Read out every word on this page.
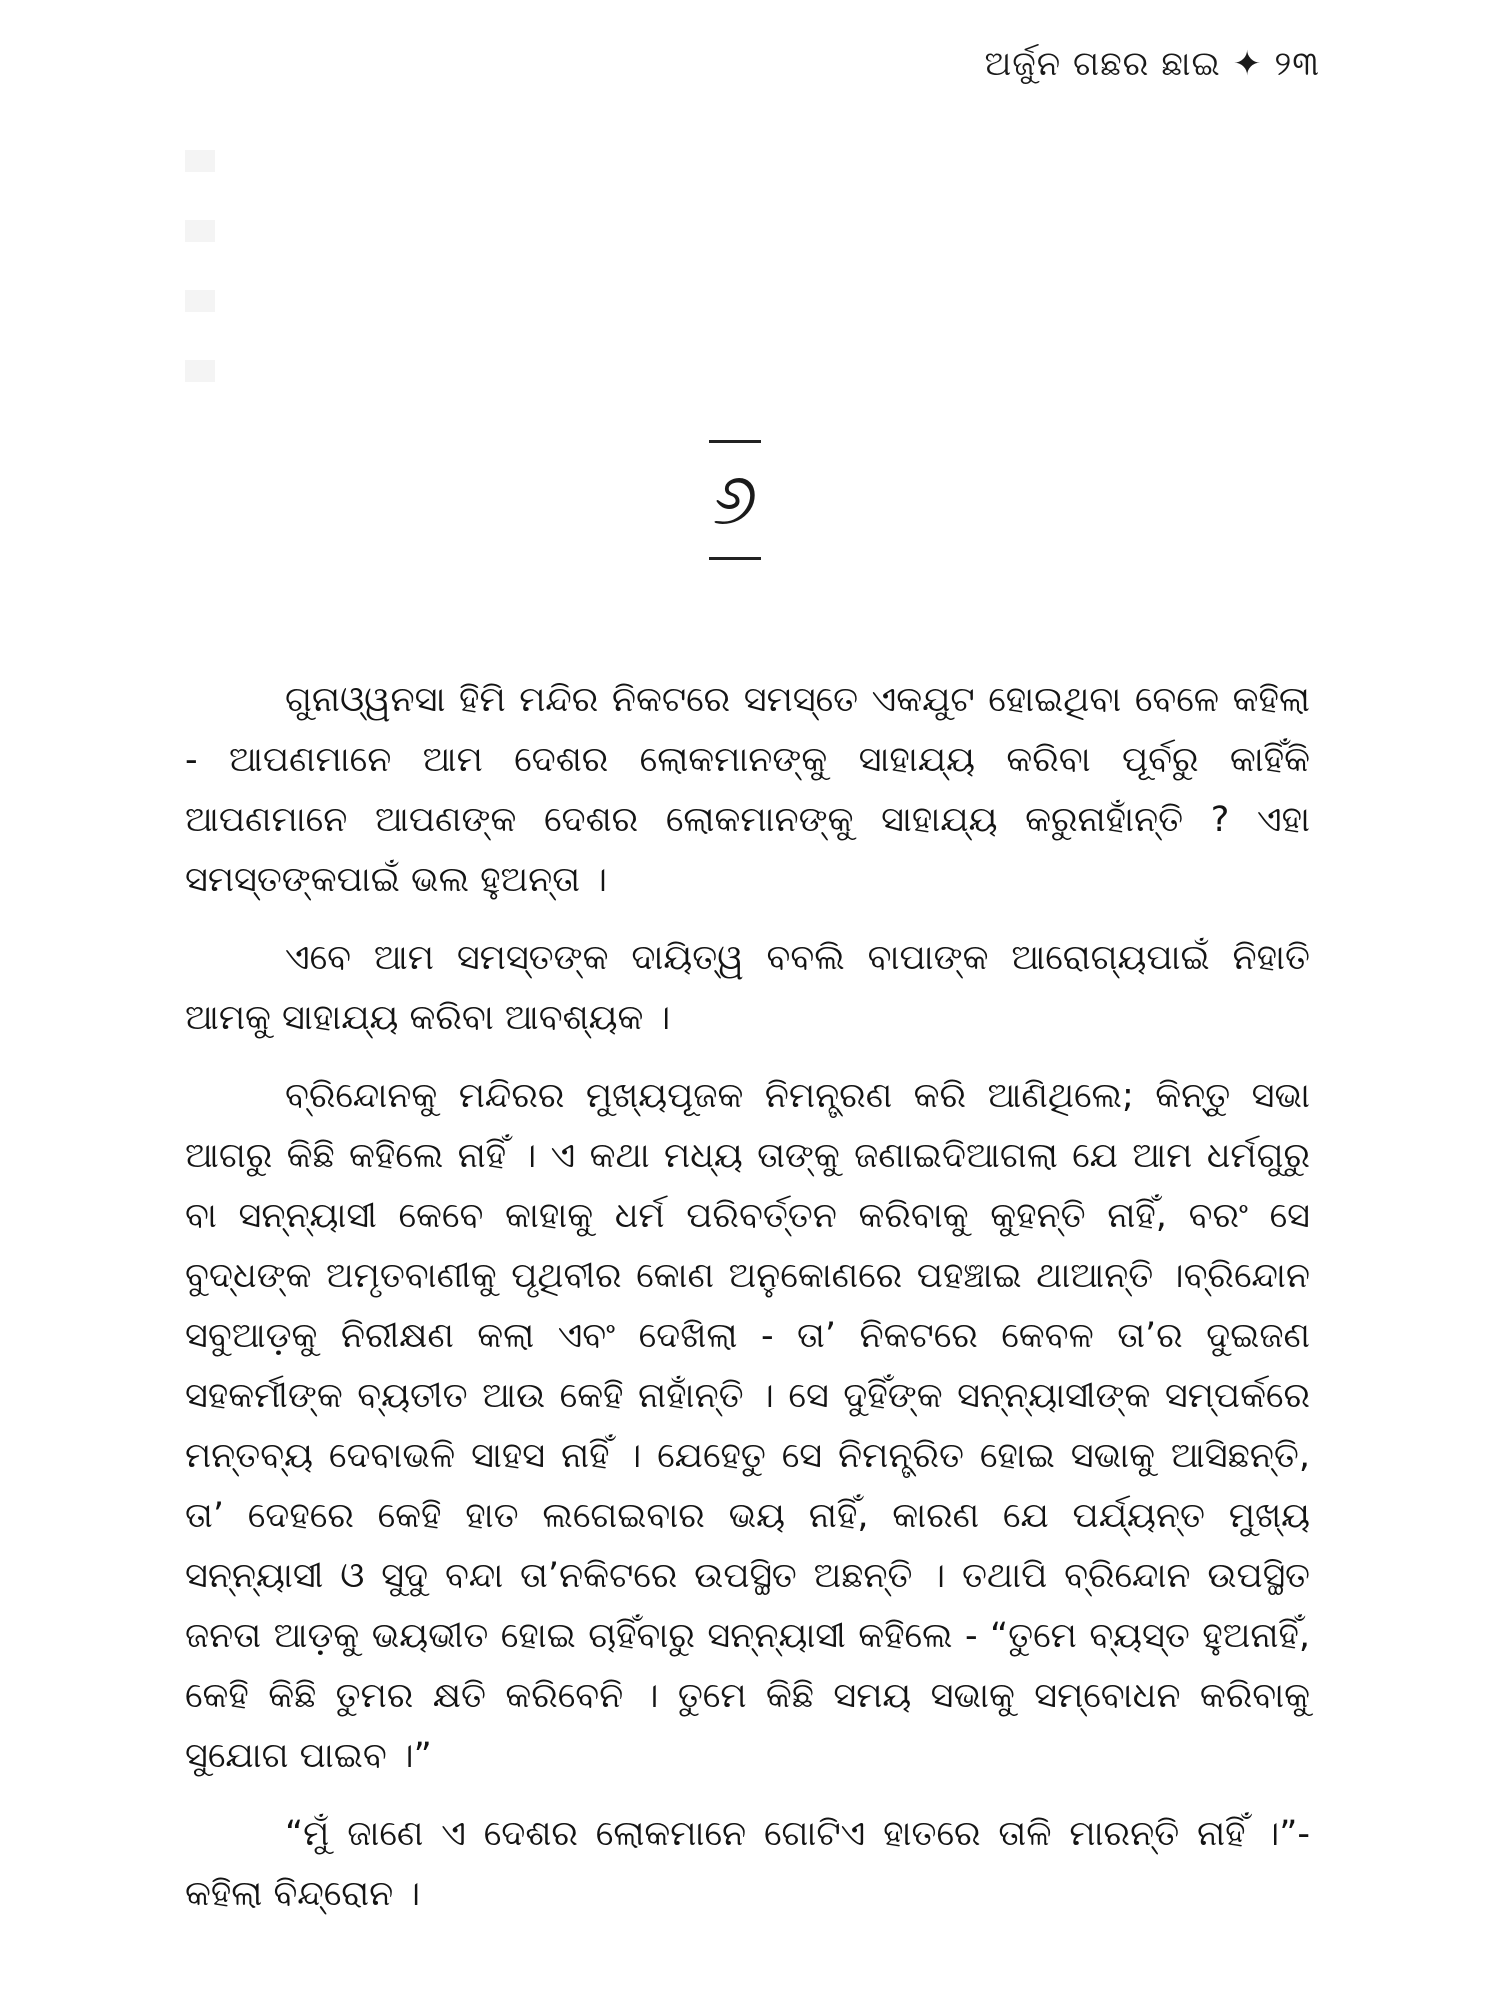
ଅର୍ଜୁନ ଗଛର ଛାଇ ✦ ୨୩
୬

ଗୁନାଓ୍ୱନସା ହିମି ମନ୍ଦିର ନିକଟରେ ସମସ୍ତେ ଏକଯୁଟ ହୋଇଥିବା ବେଳେ କହିଲା - ଆପଣମାନେ ଆମ ଦେଶର ଲୋକମାନଙ୍କୁ ସାହାଯ୍ୟ କରିବା ପୂର୍ବରୁ କାହିଁକି ଆପଣମାନେ ଆପଣଙ୍କ ଦେଶର ଲୋକମାନଙ୍କୁ ସାହାଯ୍ୟ କରୁନାହାଁନ୍ତି ? ଏହା ସମସ୍ତଙ୍କପାଇଁ ଭଲ ହୁଅନ୍ତା ।

ଏବେ ଆମ ସମସ୍ତଙ୍କ ଦାୟିତ୍ୱ ବବଲି ବାପାଙ୍କ ଆରୋଗ୍ୟପାଇଁ ନିହାତି ଆମକୁ ସାହାଯ୍ୟ କରିବା ଆବଶ୍ୟକ ।

ବ୍ରିନ୍ଦୋନକୁ ମନ୍ଦିରର ମୁଖ୍ୟପୂଜକ ନିମନ୍ତ୍ରଣ କରି ଆଣିଥିଲେ; କିନ୍ତୁ ସଭା ଆଗରୁ କିଛି କହିଲେ ନାହିଁ । ଏ କଥା ମଧ୍ୟ ତାଙ୍କୁ ଜଣାଇଦିଆଗଲା ଯେ ଆମ ଧର୍ମଗୁରୁ ବା ସନ୍ନ୍ୟାସୀ କେବେ କାହାକୁ ଧର୍ମ ପରିବର୍ତ୍ତନ କରିବାକୁ କୁହନ୍ତି ନାହିଁ, ବରଂ ସେ ବୁଦ୍ଧଙ୍କ ଅମୃତବାଣୀକୁ ପୃଥିବୀର କୋଣ ଅନୁକୋଣରେ ପହଞ୍ଚାଇ ଥାଆନ୍ତି ।ବ୍ରିନ୍ଦୋନ ସବୁଆଡ଼କୁ ନିରୀକ୍ଷଣ କଲା ଏବଂ ଦେଖିଲା - ତା’ ନିକଟରେ କେବଳ ତା’ର ଦୁଇଜଣ ସହକର୍ମୀଙ୍କ ବ୍ୟତୀତ ଆଉ କେହି ନାହାଁନ୍ତି । ସେ ଦୁହିଁଙ୍କ ସନ୍ନ୍ୟାସୀଙ୍କ ସମ୍ପର୍କରେ ମନ୍ତବ୍ୟ ଦେବାଭଳି ସାହସ ନାହିଁ । ଯେହେତୁ ସେ ନିମନ୍ତ୍ରିତ ହୋଇ ସଭାକୁ ଆସିଛନ୍ତି, ତା’ ଦେହରେ କେହି ହାତ ଲଗେଇବାର ଭୟ ନାହିଁ, କାରଣ ଯେ ପର୍ଯ୍ୟନ୍ତ ମୁଖ୍ୟ ସନ୍ନ୍ୟାସୀ ଓ ସୁଦୁ ବନ୍ଦା ତା’ନକିଟରେ ଉପସ୍ଥିତ ଅଛନ୍ତି । ତଥାପି ବ୍ରିନ୍ଦୋନ ଉପସ୍ଥିତ ଜନତା ଆଡ଼କୁ ଭୟଭୀତ ହୋଇ ଚାହିଁବାରୁ ସନ୍ନ୍ୟାସୀ କହିଲେ - “ତୁମେ ବ୍ୟସ୍ତ ହୁଅନାହିଁ, କେହି କିଛି ତୁମର କ୍ଷତି କରିବେନି । ତୁମେ କିଛି ସମୟ ସଭାକୁ ସମ୍ବୋଧନ କରିବାକୁ ସୁଯୋଗ ପାଇବ ।”

“ମୁଁ ଜାଣେ ଏ ଦେଶର ଲୋକମାନେ ଗୋଟିଏ ହାତରେ ତାଳି ମାରନ୍ତି ନାହିଁ ।”- କହିଲା ବିନ୍ଦ୍ରୋନ ।
